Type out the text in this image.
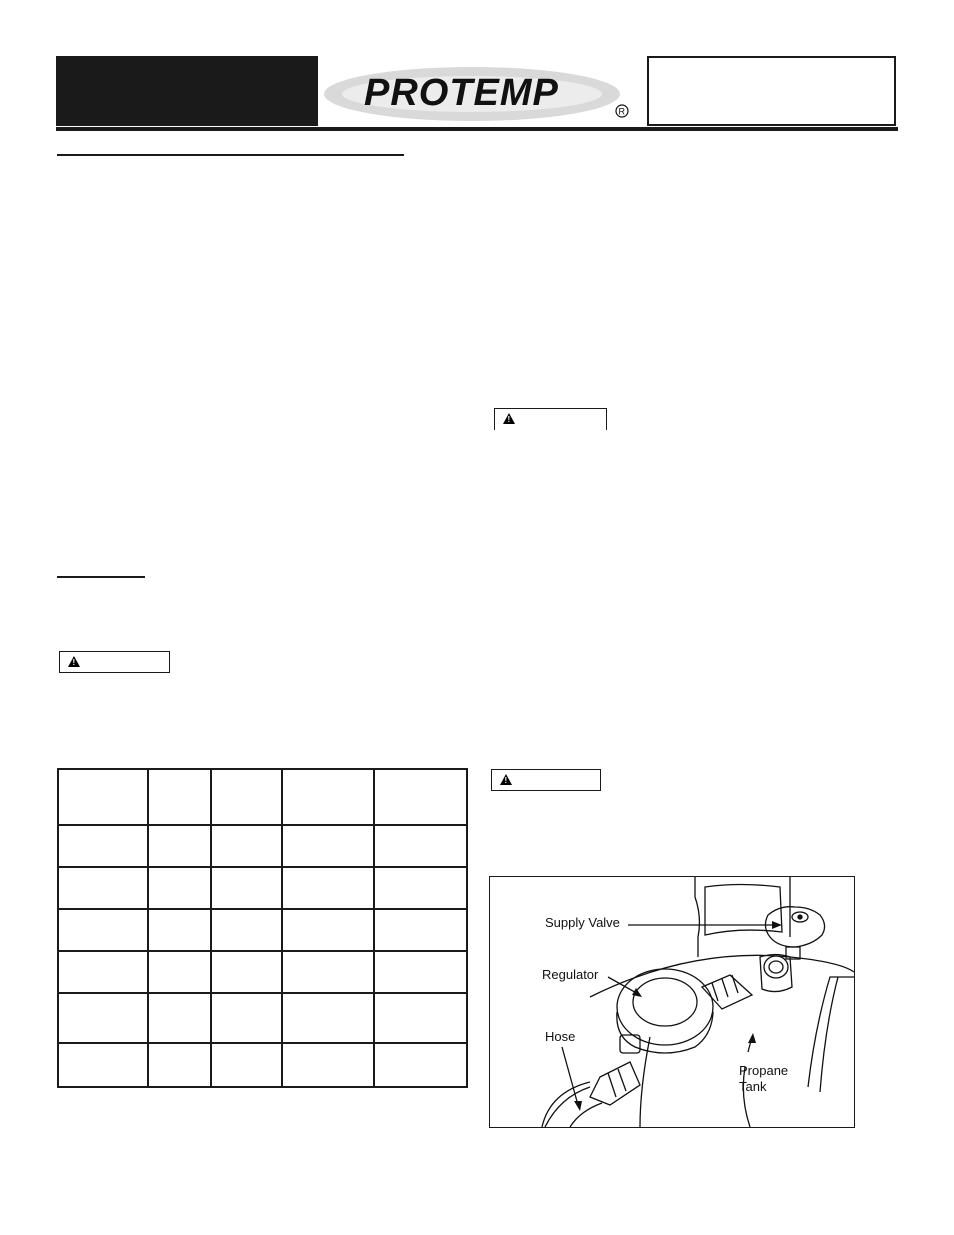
PROTEMP	R
!
!
!

Supply Valve
Regulator
Hose
Propane
Tank
